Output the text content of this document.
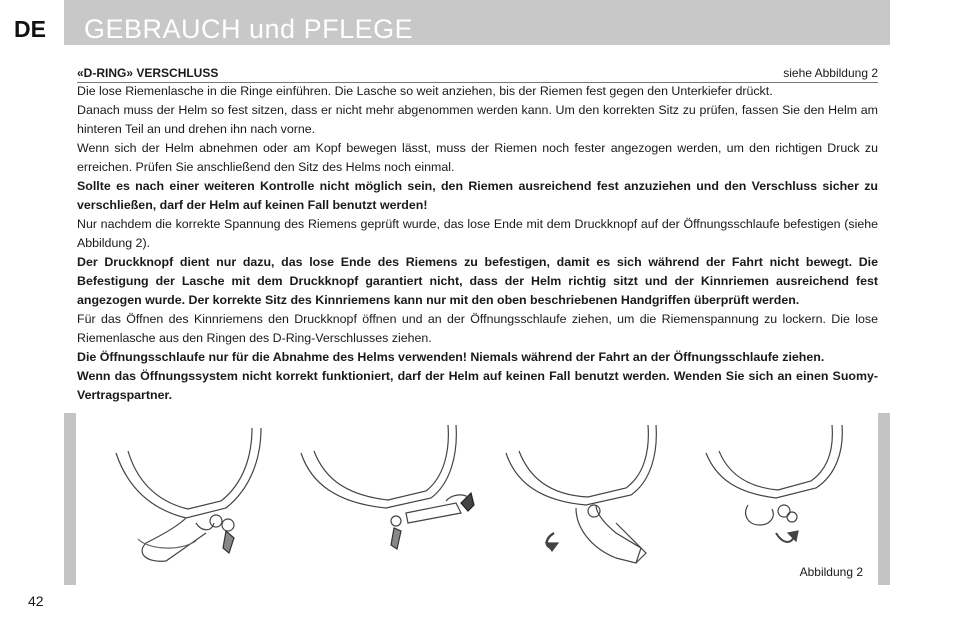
DE GEBRAUCH und PFLEGE
«D-RING» VERSCHLUSS	siehe Abbildung 2

Die lose Riemenlasche in die Ringe einführen. Die Lasche so weit anziehen, bis der Riemen fest gegen den Unterkiefer drückt.

Danach muss der Helm so fest sitzen, dass er nicht mehr abgenommen werden kann. Um den korrekten Sitz zu prüfen, fassen Sie den Helm am hinteren Teil an und drehen ihn nach vorne.

Wenn sich der Helm abnehmen oder am Kopf bewegen lässt, muss der Riemen noch fester angezogen werden, um den richtigen Druck zu erreichen. Prüfen Sie anschließend den Sitz des Helms noch einmal.

Sollte es nach einer weiteren Kontrolle nicht möglich sein, den Riemen ausreichend fest anzuziehen und den Verschluss sicher zu verschließen, darf der Helm auf keinen Fall benutzt werden!

Nur nachdem die korrekte Spannung des Riemens geprüft wurde, das lose Ende mit dem Druckknopf auf der Öffnungsschlaufe befestigen (siehe Abbildung 2).

Der Druckknopf dient nur dazu, das lose Ende des Riemens zu befestigen, damit es sich während der Fahrt nicht bewegt. Die Befestigung der Lasche mit dem Druckknopf garantiert nicht, dass der Helm richtig sitzt und der Kinnriemen ausreichend fest angezogen wurde. Der korrekte Sitz des Kinnriemens kann nur mit den oben beschriebenen Handgriffen überprüft werden.

Für das Öffnen des Kinnriemens den Druckknopf öffnen und an der Öffnungsschlaufe ziehen, um die Riemenspannung zu lockern. Die lose Riemenlasche aus den Ringen des D-Ring-Verschlusses ziehen.

Die Öffnungsschlaufe nur für die Abnahme des Helms verwenden! Niemals während der Fahrt an der Öffnungsschlaufe ziehen.

Wenn das Öffnungssystem nicht korrekt funktioniert, darf der Helm auf keinen Fall benutzt werden. Wenden Sie sich an einen Suomy-Vertragspartner.

Abbildung 2
42
